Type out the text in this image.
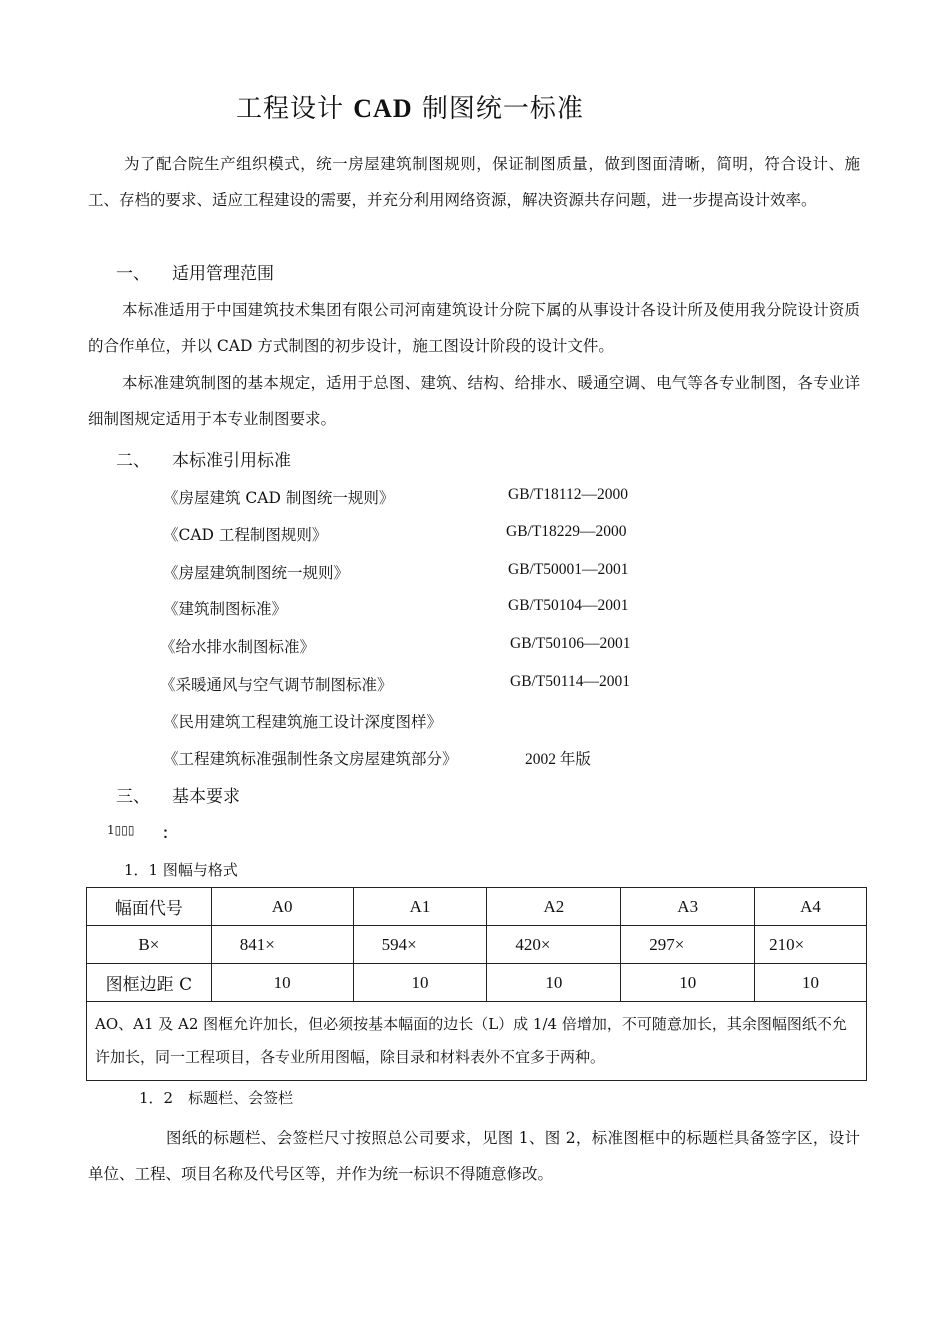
工程设计 CAD 制图统一标准
为了配合院生产组织模式，统一房屋建筑制图规则，保证制图质量，做到图面清晰，简明，符合设计、施工、存档的要求、适应工程建设的需要，并充分利用网络资源，解决资源共存问题，进一步提高设计效率。
一、 适用管理范围
本标准适用于中国建筑技术集团有限公司河南建筑设计分院下属的从事设计各设计所及使用我分院设计资质的合作单位，并以 CAD 方式制图的初步设计，施工图设计阶段的设计文件。
本标准建筑制图的基本规定，适用于总图、建筑、结构、给排水、暖通空调、电气等各专业制图，各专业详细制图规定适用于本专业制图要求。
二、 本标准引用标准
《房屋建筑 CAD 制图统一规则》	GB/T18112—2000
《CAD 工程制图规则》	GB/T18229—2000
《房屋建筑制图统一规则》	GB/T50001—2001
《建筑制图标准》	GB/T50104—2001
《给水排水制图标准》	GB/T50106—2001
《采暖通风与空气调节制图标准》	GB/T50114—2001
《民用建筑工程建筑施工设计深度图样》
《工程建筑标准强制性条文房屋建筑部分》	2002 年版
三、 基本要求
1▯▯▯ ：
1．1 图幅与格式
幅面代号	A0	A1	A2	A3	A4
B×	841×	594×	420×	297×	210×
图框边距 C	10	10	10	10	10
AO、A1 及 A2 图框允许加长，但必须按基本幅面的边长（L）成 1/4 倍增加，不可随意加长，其余图幅图纸不允许加长，同一工程项目，各专业所用图幅，除目录和材料表外不宜多于两种。					
1．2　标题栏、会签栏
图纸的标题栏、会签栏尺寸按照总公司要求，见图 1、图 2，标准图框中的标题栏具备签字区，设计单位、工程、项目名称及代号区等，并作为统一标识不得随意修改。
